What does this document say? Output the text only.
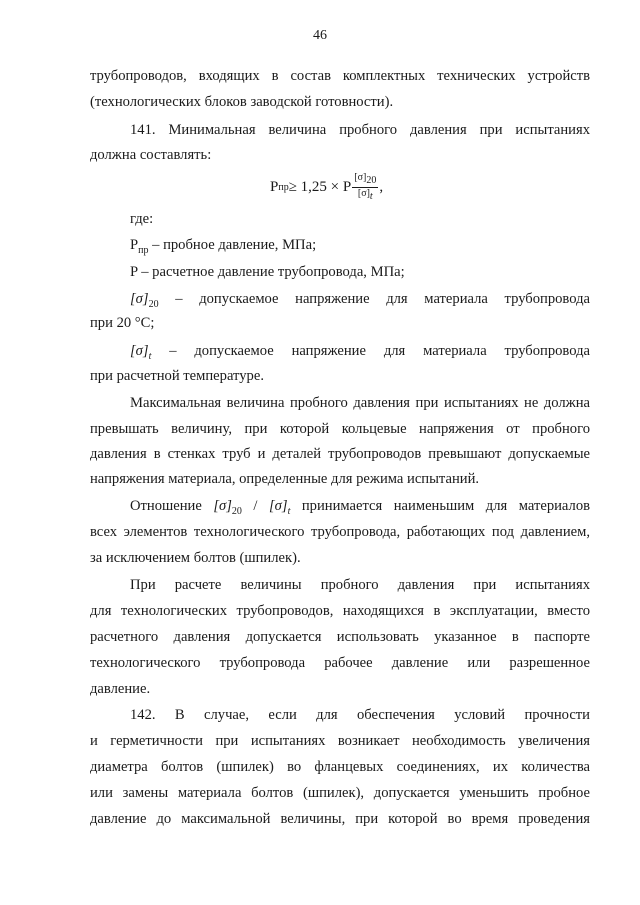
46
трубопроводов, входящих в состав комплектных технических устройств
(технологических блоков заводской готовности).
141. Минимальная величина пробного давления при испытаниях
должна составлять:
P пр ≥ 1,25 × P $\frac{[\sigma]_{20}}{[\sigma]_t}$ ,
где:
$P_{пр}$ – пробное давление, МПа;
P – расчетное давление трубопровода, МПа;
$[\sigma]_{20}$ – допускаемое напряжение для материала трубопровода
при 20 °C;
$[\sigma]_t$ – допускаемое напряжение для материала трубопровода
при расчетной температуре.
Максимальная величина пробного давления при испытаниях не должна
превышать величину, при которой кольцевые напряжения от пробного
давления в стенках труб и деталей трубопроводов превышают допускаемые
напряжения материала, определенные для режима испытаний.
Отношение $[\sigma]_{20} / [\sigma]_t$ принимается наименьшим для материалов
всех элементов технологического трубопровода, работающих под давлением,
за исключением болтов (шпилек).
При расчете величины пробного давления при испытаниях
для технологических трубопроводов, находящихся в эксплуатации, вместо
расчетного давления допускается использовать указанное в паспорте
технологического трубопровода рабочее давление или разрешенное
давление.
142. В случае, если для обеспечения условий прочности
и герметичности при испытаниях возникает необходимость увеличения
диаметра болтов (шпилек) во фланцевых соединениях, их количества
или замены материала болтов (шпилек), допускается уменьшить пробное
давление до максимальной величины, при которой во время проведения
